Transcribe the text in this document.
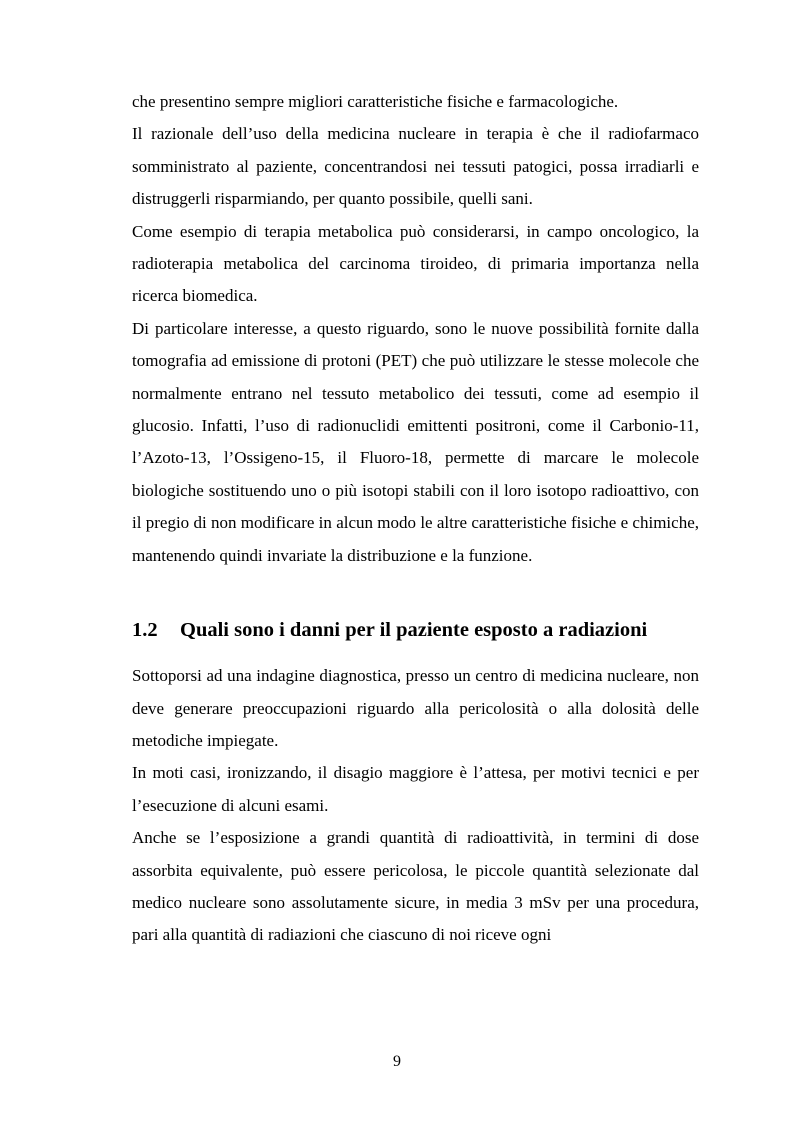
che presentino sempre migliori caratteristiche fisiche e farmacologiche.

Il razionale dell’uso della medicina nucleare in terapia è che il radiofarmaco somministrato al paziente, concentrandosi nei tessuti patogici, possa irradiarli e distruggerli risparmiando, per quanto possibile, quelli sani.

Come esempio di terapia metabolica può considerarsi, in campo oncologico, la radioterapia metabolica del carcinoma tiroideo, di primaria importanza nella ricerca biomedica.

Di particolare interesse, a questo riguardo, sono le nuove possibilità fornite dalla tomografia ad emissione di protoni (PET) che può utilizzare le stesse molecole che normalmente entrano nel tessuto metabolico dei tessuti, come ad esempio il glucosio. Infatti, l’uso di radionuclidi emittenti positroni, come il Carbonio-11, l’Azoto-13, l’Ossigeno-15, il Fluoro-18, permette di marcare le molecole biologiche sostituendo uno o più isotopi stabili con il loro isotopo radioattivo, con il pregio di non modificare in alcun modo le altre caratteristiche fisiche e chimiche, mantenendo quindi invariate la distribuzione e la funzione.

1.2 Quali sono i danni per il paziente esposto a radiazioni

Sottoporsi ad una indagine diagnostica, presso un centro di medicina nucleare, non deve generare preoccupazioni riguardo alla pericolosità o alla dolosità delle metodiche impiegate.

In moti casi, ironizzando, il disagio maggiore è l’attesa, per motivi tecnici e per l’esecuzione di alcuni esami.

Anche se l’esposizione a grandi quantità di radioattività, in termini di dose assorbita equivalente, può essere pericolosa, le piccole quantità selezionate dal medico nucleare sono assolutamente sicure, in media 3 mSv per una procedura, pari alla quantità di radiazioni che ciascuno di noi riceve ogni

9
